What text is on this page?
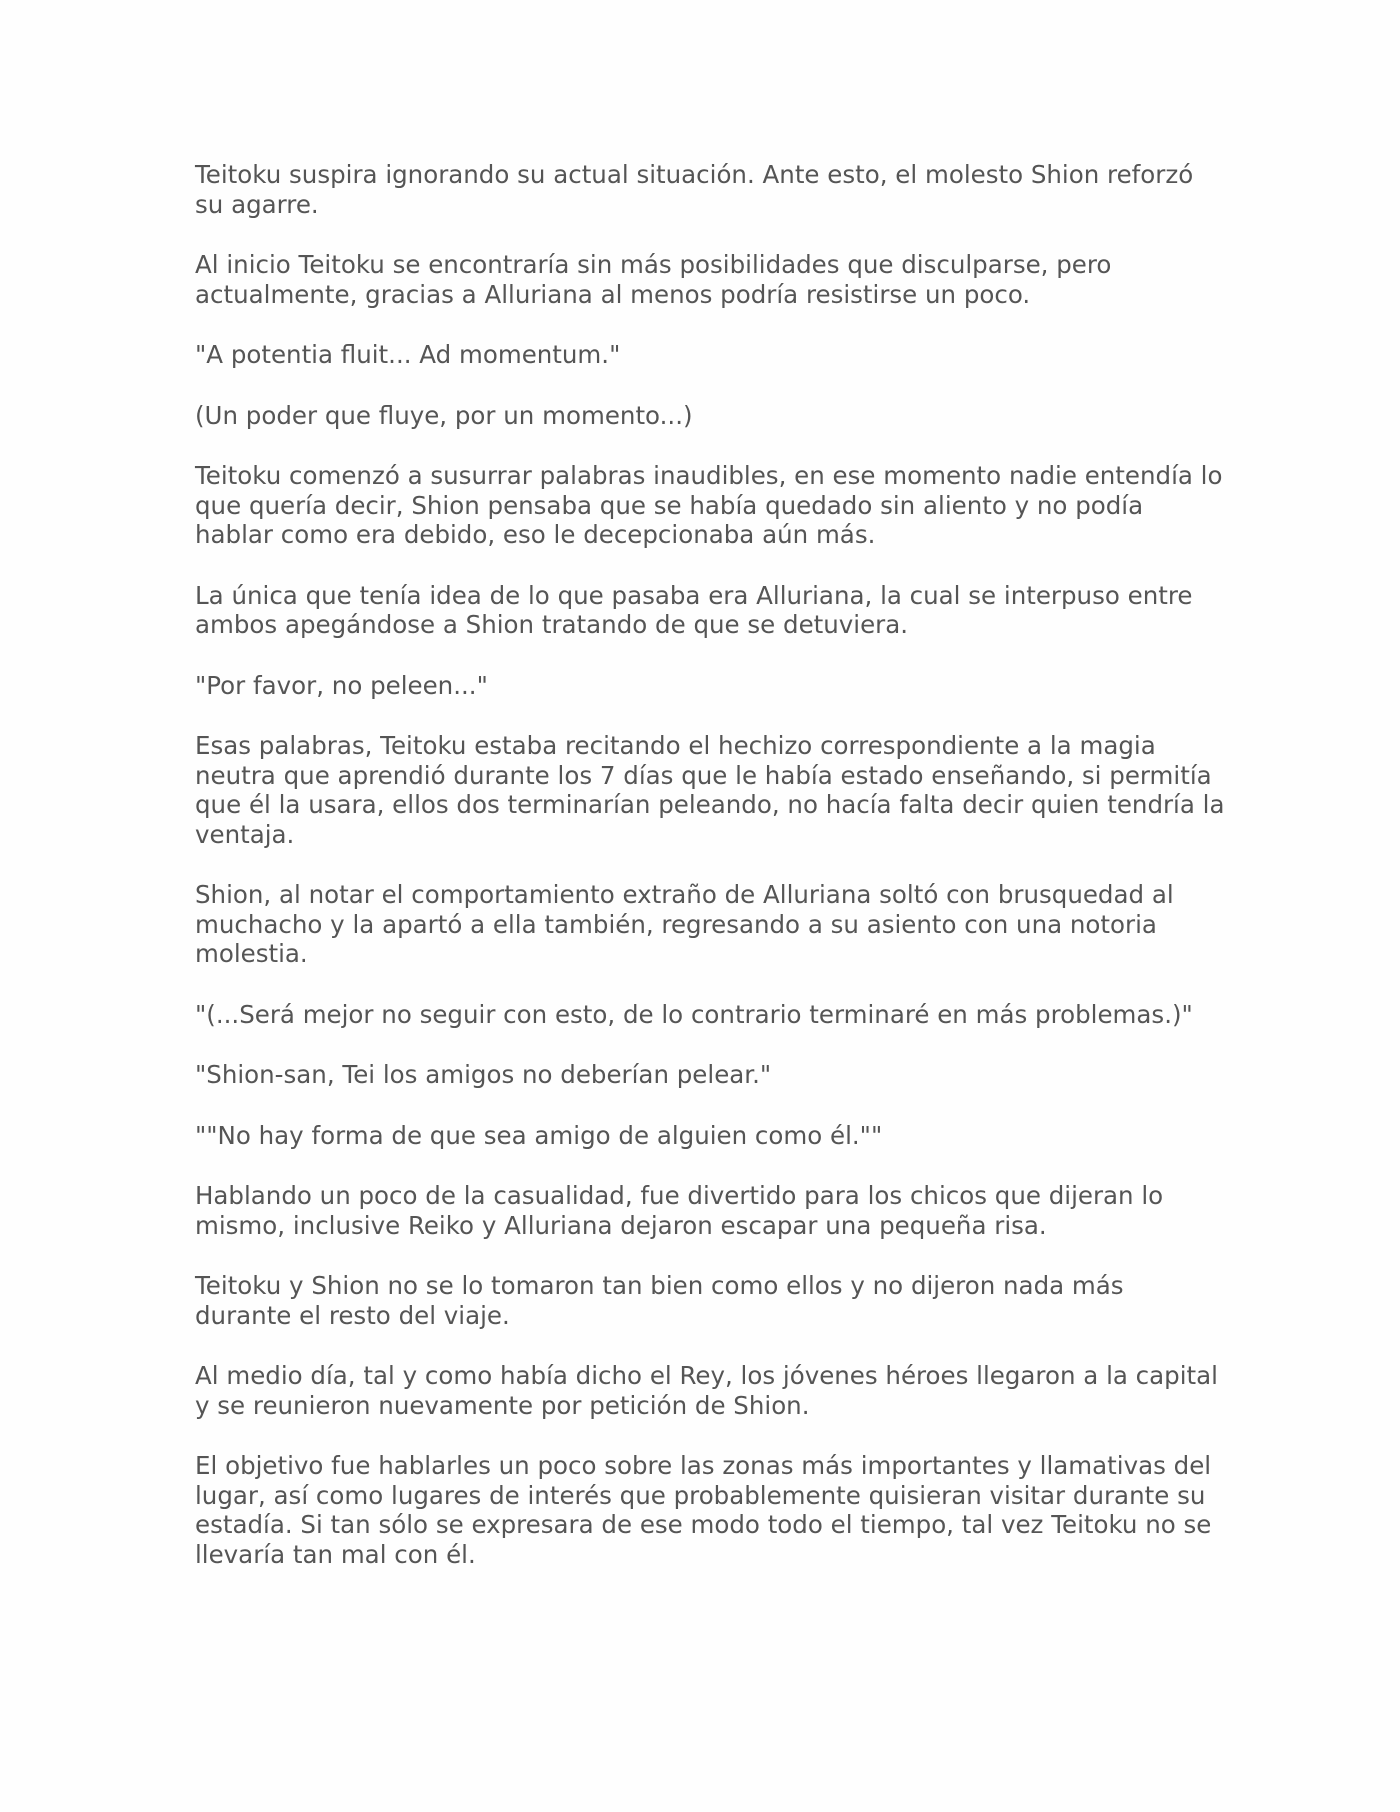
Teitoku suspira ignorando su actual situación. Ante esto, el molesto Shion reforzó su agarre.

Al inicio Teitoku se encontraría sin más posibilidades que disculparse, pero actualmente, gracias a Alluriana al menos podría resistirse un poco.

"A potentia fluit... Ad momentum."

(Un poder que fluye, por un momento...)

Teitoku comenzó a susurrar palabras inaudibles, en ese momento nadie entendía lo que quería decir, Shion pensaba que se había quedado sin aliento y no podía hablar como era debido, eso le decepcionaba aún más.

La única que tenía idea de lo que pasaba era Alluriana, la cual se interpuso entre ambos apegándose a Shion tratando de que se detuviera.

"Por favor, no peleen..."

Esas palabras, Teitoku estaba recitando el hechizo correspondiente a la magia neutra que aprendió durante los 7 días que le había estado enseñando, si permitía que él la usara, ellos dos terminarían peleando, no hacía falta decir quien tendría la ventaja.

Shion, al notar el comportamiento extraño de Alluriana soltó con brusquedad al muchacho y la apartó a ella también, regresando a su asiento con una notoria molestia.

"(...Será mejor no seguir con esto, de lo contrario terminaré en más problemas.)"

"Shion-san, Tei los amigos no deberían pelear."

""No hay forma de que sea amigo de alguien como él.""

Hablando un poco de la casualidad, fue divertido para los chicos que dijeran lo mismo, inclusive Reiko y Alluriana dejaron escapar una pequeña risa.

Teitoku y Shion no se lo tomaron tan bien como ellos y no dijeron nada más durante el resto del viaje.

Al medio día, tal y como había dicho el Rey, los jóvenes héroes llegaron a la capital y se reunieron nuevamente por petición de Shion.

El objetivo fue hablarles un poco sobre las zonas más importantes y llamativas del lugar, así como lugares de interés que probablemente quisieran visitar durante su estadía. Si tan sólo se expresara de ese modo todo el tiempo, tal vez Teitoku no se llevaría tan mal con él.
